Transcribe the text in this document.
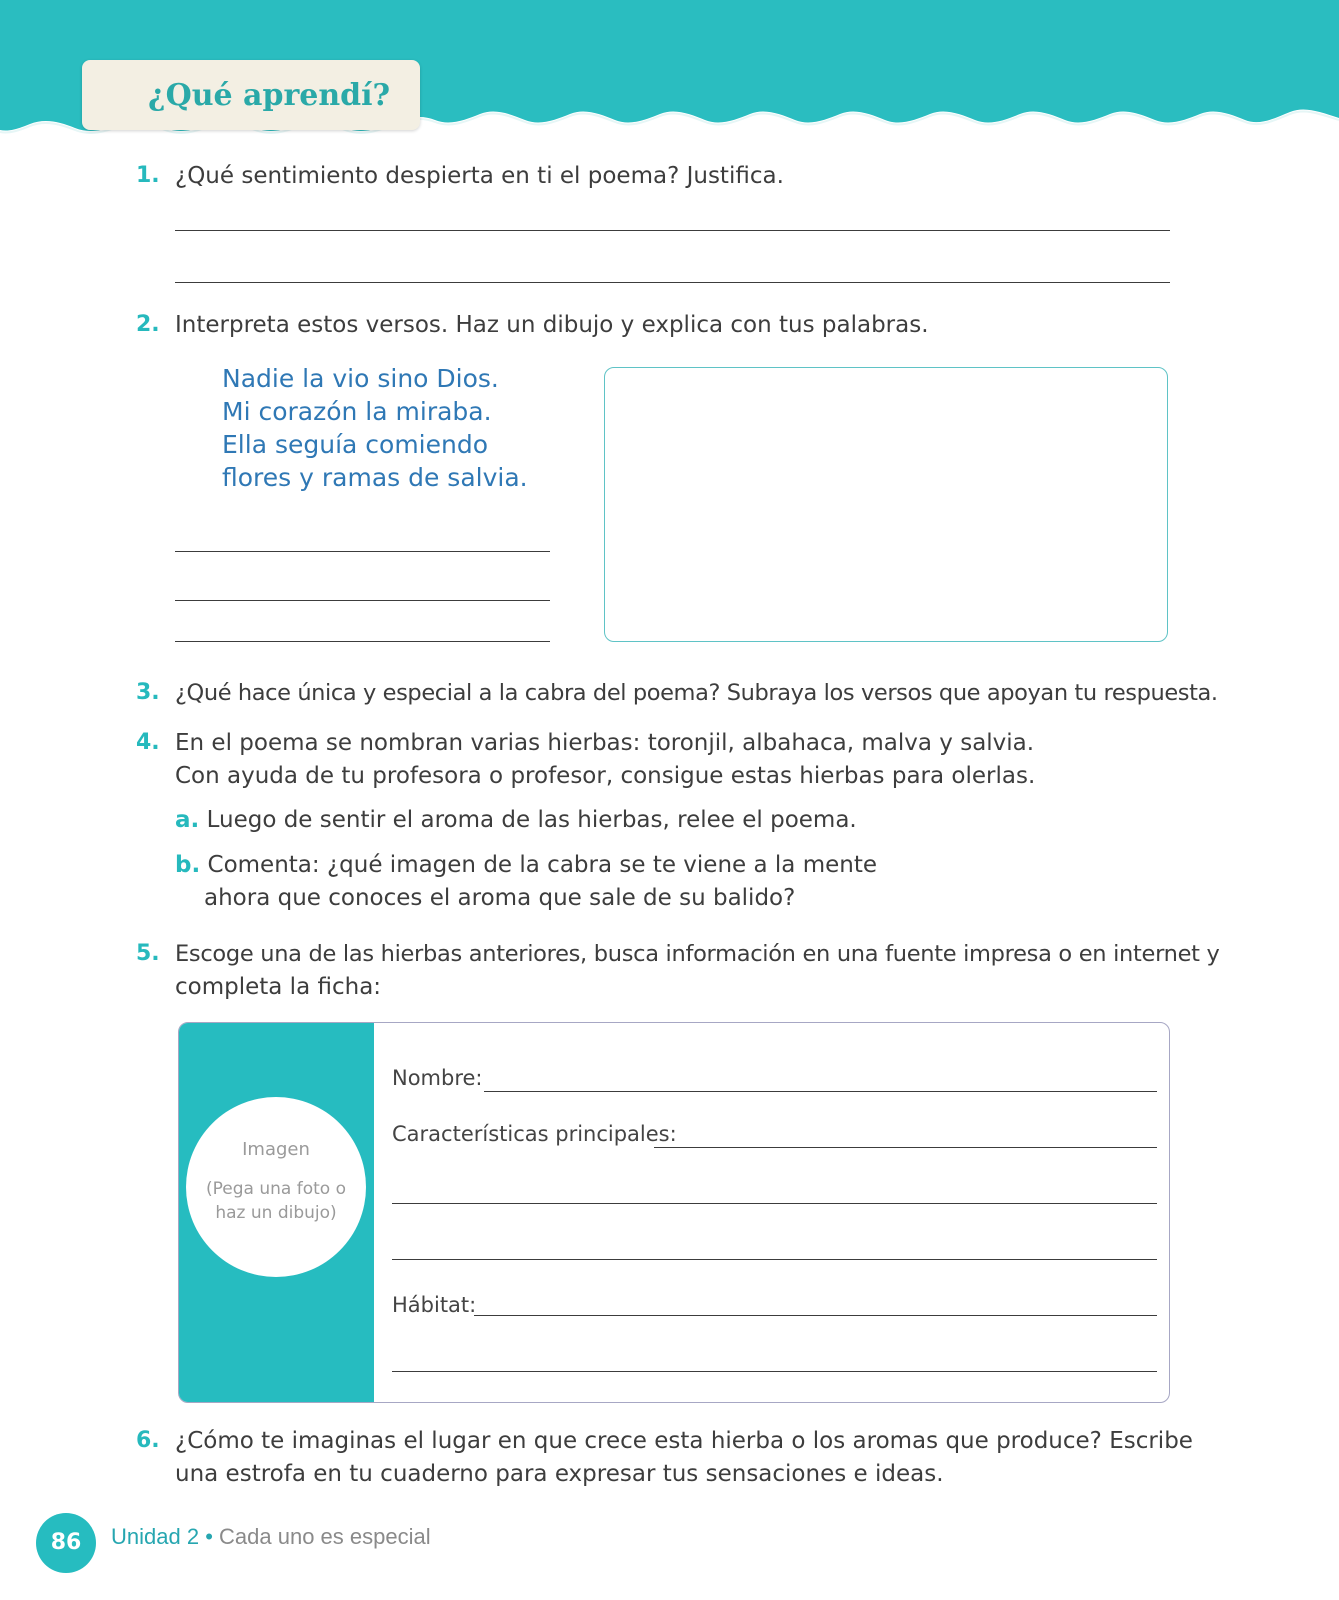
¿Qué aprendí?
1. ¿Qué sentimiento despierta en ti el poema? Justifica.
2. Interpreta estos versos. Haz un dibujo y explica con tus palabras.
Nadie la vio sino Dios.
Mi corazón la miraba.
Ella seguía comiendo
flores y ramas de salvia.
3. ¿Qué hace única y especial a la cabra del poema? Subraya los versos que apoyan tu respuesta.
4. En el poema se nombran varias hierbas: toronjil, albahaca, malva y salvia.
Con ayuda de tu profesora o profesor, consigue estas hierbas para olerlas.
a. Luego de sentir el aroma de las hierbas, relee el poema.
b. Comenta: ¿qué imagen de la cabra se te viene a la mente
ahora que conoces el aroma que sale de su balido?
5. Escoge una de las hierbas anteriores, busca información en una fuente impresa o en internet y
completa la ficha:
Imagen
(Pega una foto o
haz un dibujo)
Nombre:
Características principales:
Hábitat:
6. ¿Cómo te imaginas el lugar en que crece esta hierba o los aromas que produce? Escribe
una estrofa en tu cuaderno para expresar tus sensaciones e ideas.
86	Unidad 2 • Cada uno es especial
